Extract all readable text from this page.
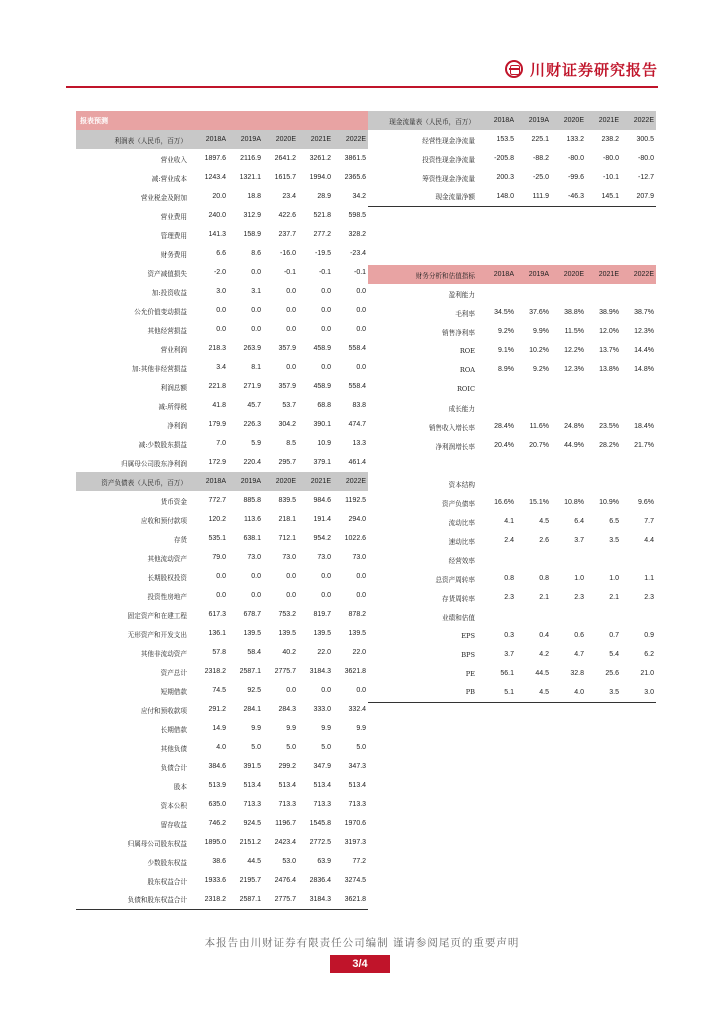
川财证券研究报告
报表预测					
利润表（人民币，百万）	2018A	2019A	2020E	2021E	2022E
营业收入	1897.6	2116.9	2641.2	3261.2	3861.5
减:营业成本	1243.4	1321.1	1615.7	1994.0	2365.6
营业税金及附加	20.0	18.8	23.4	28.9	34.2
营业费用	240.0	312.9	422.6	521.8	598.5
管理费用	141.3	158.9	237.7	277.2	328.2
财务费用	6.6	8.6	-16.0	-19.5	-23.4
资产减值损失	-2.0	0.0	-0.1	-0.1	-0.1
加:投资收益	3.0	3.1	0.0	0.0	0.0
公允价值变动损益	0.0	0.0	0.0	0.0	0.0
其他经营损益	0.0	0.0	0.0	0.0	0.0
营业利润	218.3	263.9	357.9	458.9	558.4
加:其他非经营损益	3.4	8.1	0.0	0.0	0.0
利润总额	221.8	271.9	357.9	458.9	558.4
减:所得税	41.8	45.7	53.7	68.8	83.8
净利润	179.9	226.3	304.2	390.1	474.7
减:少数股东损益	7.0	5.9	8.5	10.9	13.3
归属母公司股东净利润	172.9	220.4	295.7	379.1	461.4
资产负债表（人民币，百万）	2018A	2019A	2020E	2021E	2022E
货币资金	772.7	885.8	839.5	984.6	1192.5
应收和预付款项	120.2	113.6	218.1	191.4	294.0
存货	535.1	638.1	712.1	954.2	1022.6
其他流动资产	79.0	73.0	73.0	73.0	73.0
长期股权投资	0.0	0.0	0.0	0.0	0.0
投资性房地产	0.0	0.0	0.0	0.0	0.0
固定资产和在建工程	617.3	678.7	753.2	819.7	878.2
无形资产和开发支出	136.1	139.5	139.5	139.5	139.5
其他非流动资产	57.8	58.4	40.2	22.0	22.0
资产总计	2318.2	2587.1	2775.7	3184.3	3621.8
短期借款	74.5	92.5	0.0	0.0	0.0
应付和预收款项	291.2	284.1	284.3	333.0	332.4
长期借款	14.9	9.9	9.9	9.9	9.9
其他负债	4.0	5.0	5.0	5.0	5.0
负债合计	384.6	391.5	299.2	347.9	347.3
股本	513.9	513.4	513.4	513.4	513.4
资本公积	635.0	713.3	713.3	713.3	713.3
留存收益	746.2	924.5	1196.7	1545.8	1970.6
归属母公司股东权益	1895.0	2151.2	2423.4	2772.5	3197.3
少数股东权益	38.6	44.5	53.0	63.9	77.2
股东权益合计	1933.6	2195.7	2476.4	2836.4	3274.5
负债和股东权益合计	2318.2	2587.1	2775.7	3184.3	3621.8
现金流量表（人民币，百万）	2018A	2019A	2020E	2021E	2022E
经营性现金净流量	153.5	225.1	133.2	238.2	300.5
投资性现金净流量	-205.8	-88.2	-80.0	-80.0	-80.0
筹资性现金净流量	200.3	-25.0	-99.6	-10.1	-12.7
现金流量净额	148.0	111.9	-46.3	145.1	207.9
财务分析和估值指标	2018A	2019A	2020E	2021E	2022E
盈利能力					
毛利率	34.5%	37.6%	38.8%	38.9%	38.7%
销售净利率	9.2%	9.9%	11.5%	12.0%	12.3%
ROE	9.1%	10.2%	12.2%	13.7%	14.4%
ROA	8.9%	9.2%	12.3%	13.8%	14.8%
ROIC					
成长能力					
销售收入增长率	28.4%	11.6%	24.8%	23.5%	18.4%
净利润增长率	20.4%	20.7%	44.9%	28.2%	21.7%

资本结构					
资产负债率	16.6%	15.1%	10.8%	10.9%	9.6%
流动比率	4.1	4.5	6.4	6.5	7.7
速动比率	2.4	2.6	3.7	3.5	4.4
经营效率					
总资产周转率	0.8	0.8	1.0	1.0	1.1
存货周转率	2.3	2.1	2.3	2.1	2.3
业绩和估值					
EPS	0.3	0.4	0.6	0.7	0.9
BPS	3.7	4.2	4.7	5.4	6.2
PE	56.1	44.5	32.8	25.6	21.0
PB	5.1	4.5	4.0	3.5	3.0
本报告由川财证券有限责任公司编制 谨请参阅尾页的重要声明
3/4
